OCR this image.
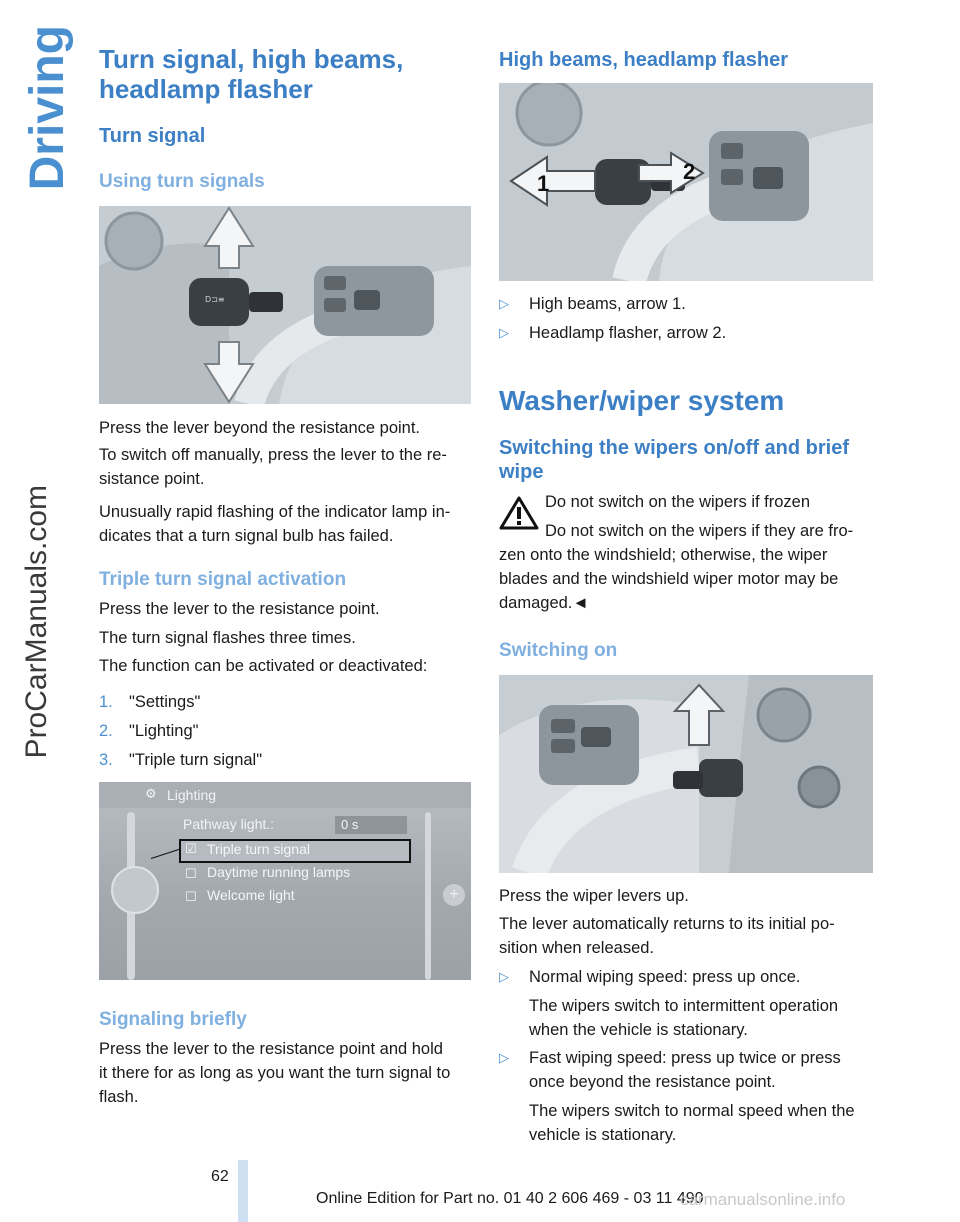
Driving
ProCarManuals.com
Turn signal, high beams,
headlamp flasher
Turn signal
Using turn signals
D⊐≡
Press the lever beyond the resistance point.
To switch off manually, press the lever to the re-
sistance point.
Unusually rapid flashing of the indicator lamp in-
dicates that a turn signal bulb has failed.
Triple turn signal activation
Press the lever to the resistance point.
The turn signal flashes three times.
The function can be activated or deactivated:
1. "Settings"
2. "Lighting"
3. "Triple turn signal"
⚙ Lighting
Pathway light.:	0 s
☑ Triple turn signal
☐ Daytime running lamps
☐ Welcome light	+
Signaling briefly
Press the lever to the resistance point and hold
it there for as long as you want the turn signal to
flash.
High beams, headlamp flasher
1	2
▷ High beams, arrow 1.
▷ Headlamp flasher, arrow 2.
Washer/wiper system
Switching the wipers on/off and brief
wipe
Do not switch on the wipers if frozen
Do not switch on the wipers if they are fro-
zen onto the windshield; otherwise, the wiper
blades and the windshield wiper motor may be
damaged.◄
Switching on
Press the wiper levers up.
The lever automatically returns to its initial po-
sition when released.
▷ Normal wiping speed: press up once.
The wipers switch to intermittent operation
when the vehicle is stationary.
▷ Fast wiping speed: press up twice or press
once beyond the resistance point.
The wipers switch to normal speed when the
vehicle is stationary.
62
Online Edition for Part no. 01 40 2 606 469 - 03 11 490
carmanualsonline.info
